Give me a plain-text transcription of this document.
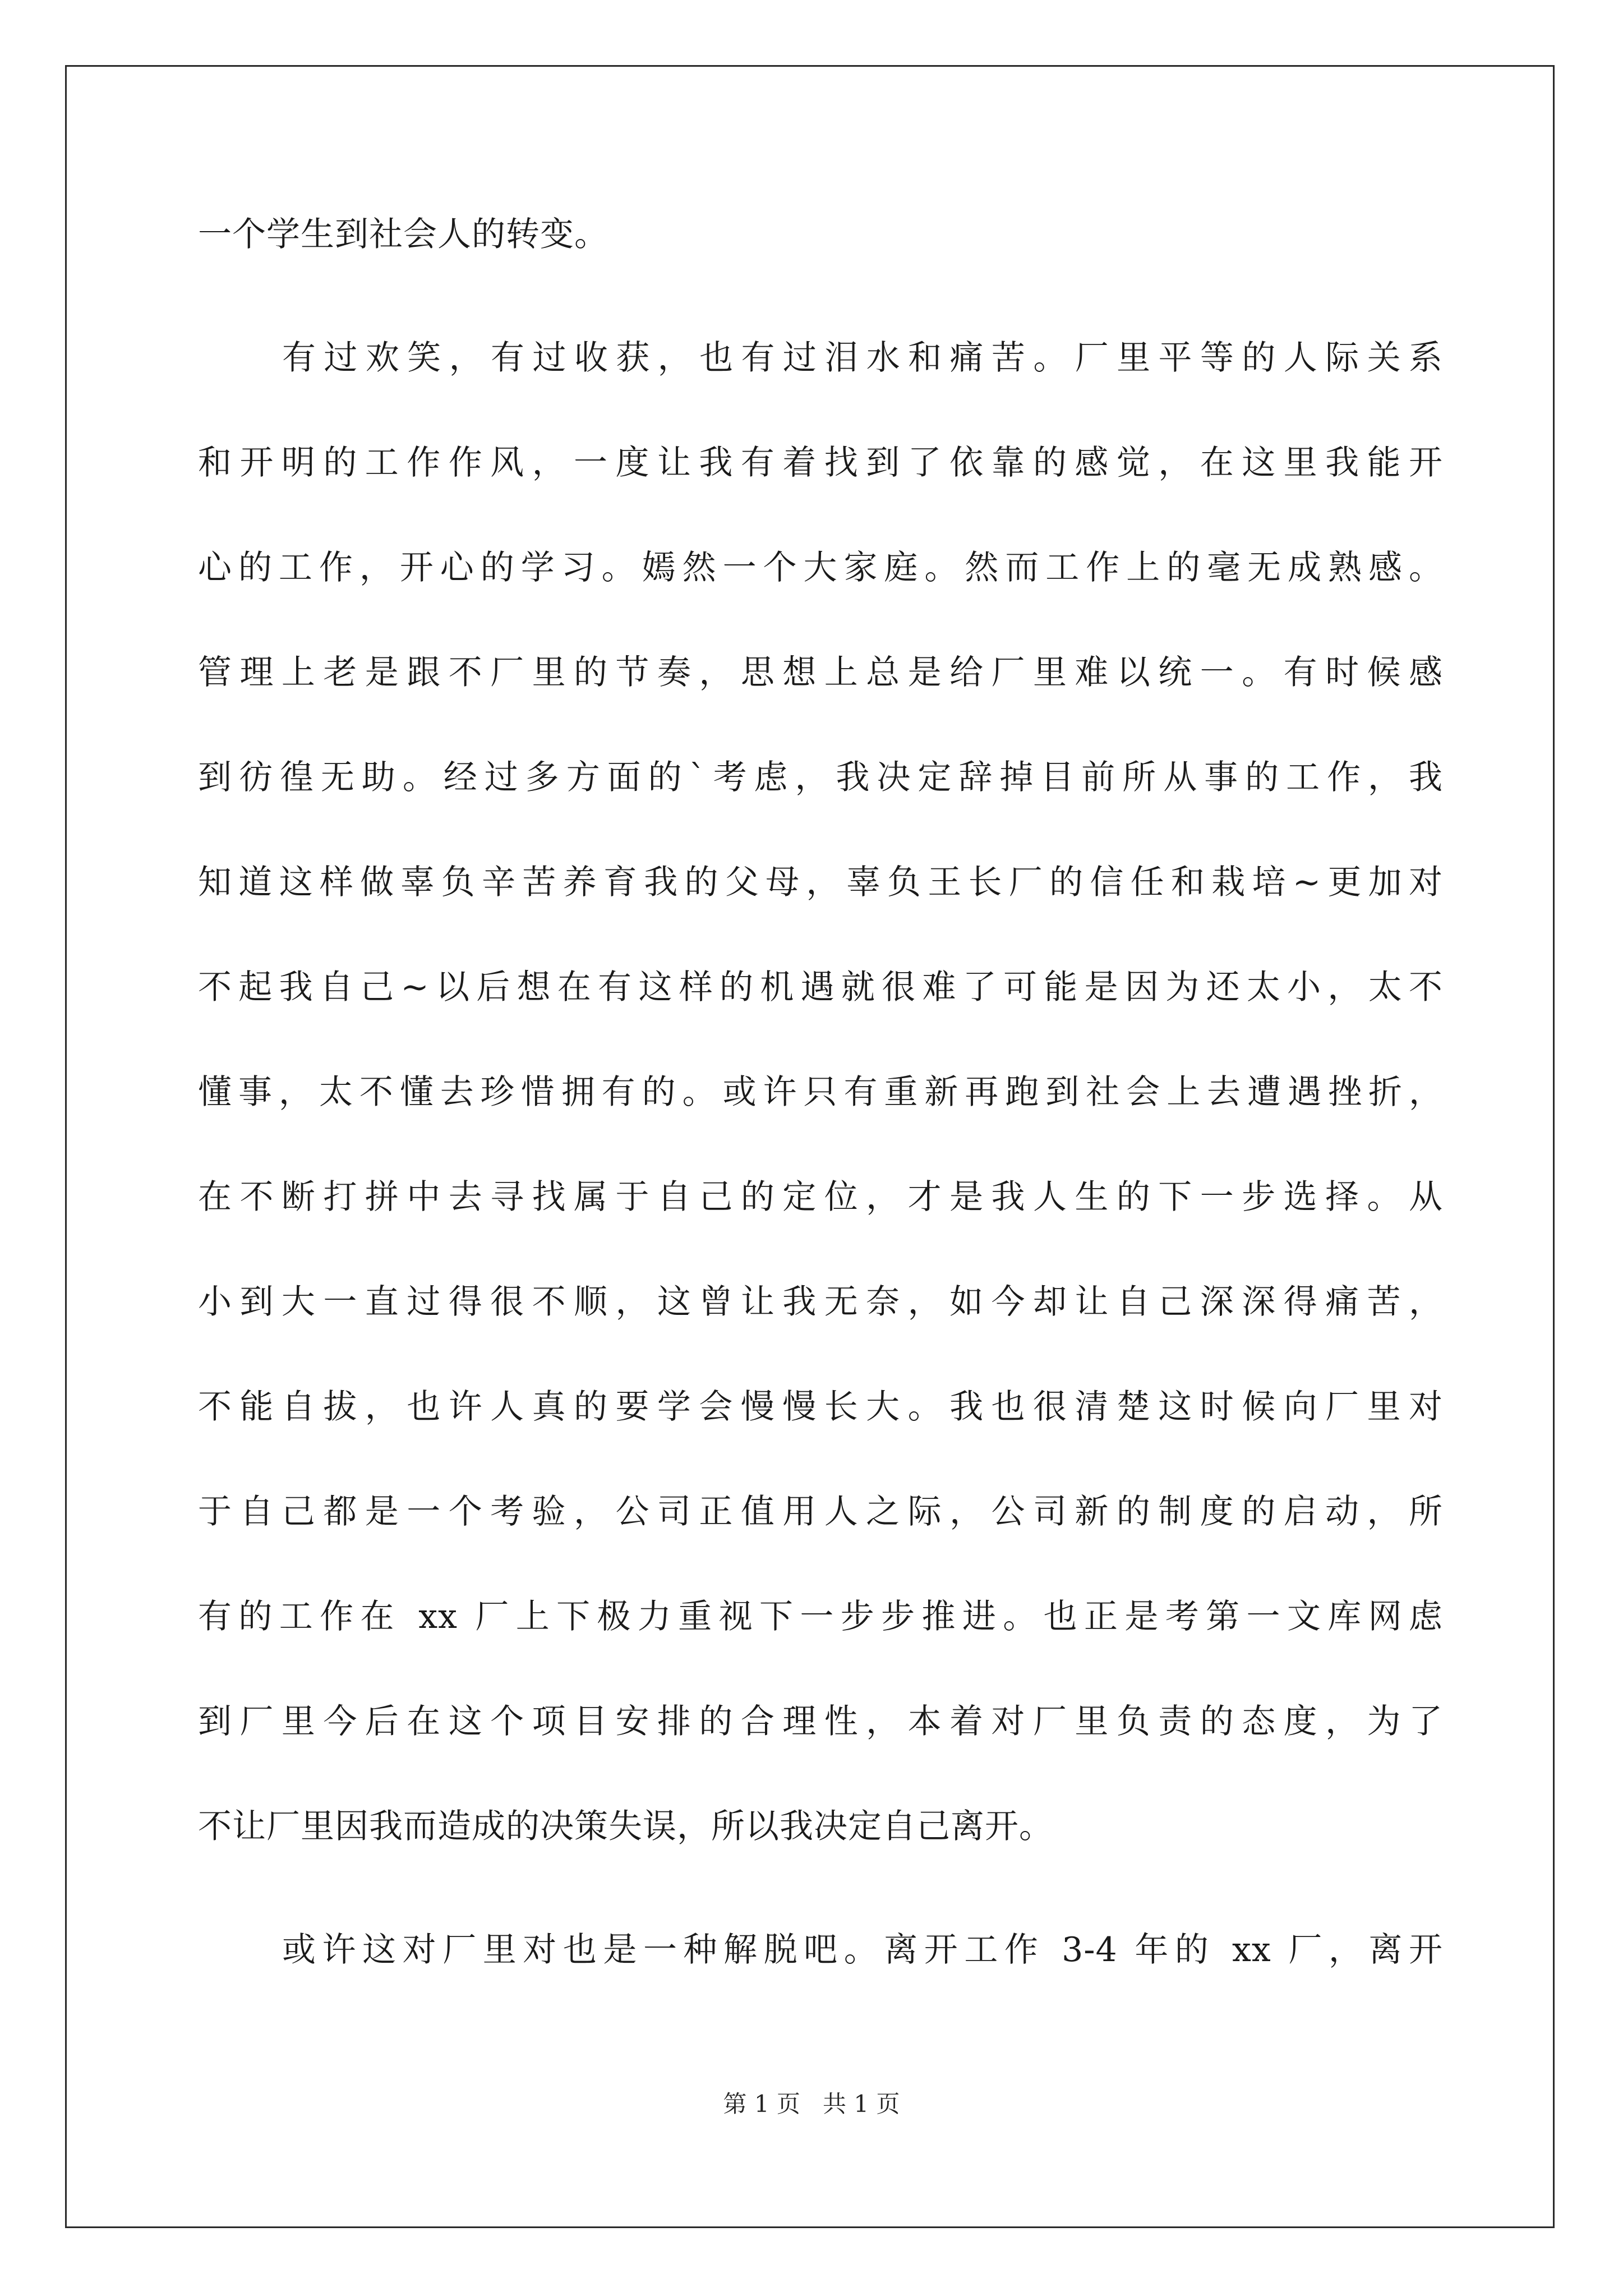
一个学生到社会人的转变。
有过欢笑，有过收获，也有过泪水和痛苦。厂里平等的人际关系
和开明的工作作风，一度让我有着找到了依靠的感觉，在这里我能开
心的工作，开心的学习。嫣然一个大家庭。然而工作上的毫无成熟感。
管理上老是跟不厂里的节奏，思想上总是给厂里难以统一。有时候感
到彷徨无助。经过多方面的`考虑，我决定辞掉目前所从事的工作，我
知道这样做辜负辛苦养育我的父母，辜负王长厂的信任和栽培~更加对
不起我自己~以后想在有这样的机遇就很难了可能是因为还太小，太不
懂事，太不懂去珍惜拥有的。或许只有重新再跑到社会上去遭遇挫折，
在不断打拼中去寻找属于自己的定位，才是我人生的下一步选择。从
小到大一直过得很不顺，这曾让我无奈，如今却让自己深深得痛苦，
不能自拔，也许人真的要学会慢慢长大。我也很清楚这时候向厂里对
于自己都是一个考验，公司正值用人之际，公司新的制度的启动，所
有的工作在 xx 厂上下极力重视下一步步推进。也正是考第一文库网虑
到厂里今后在这个项目安排的合理性，本着对厂里负责的态度，为了
不让厂里因我而造成的决策失误，所以我决定自己离开。
或许这对厂里对也是一种解脱吧。离开工作 3-4 年的 xx 厂，离开
第 1 页   共 1 页
